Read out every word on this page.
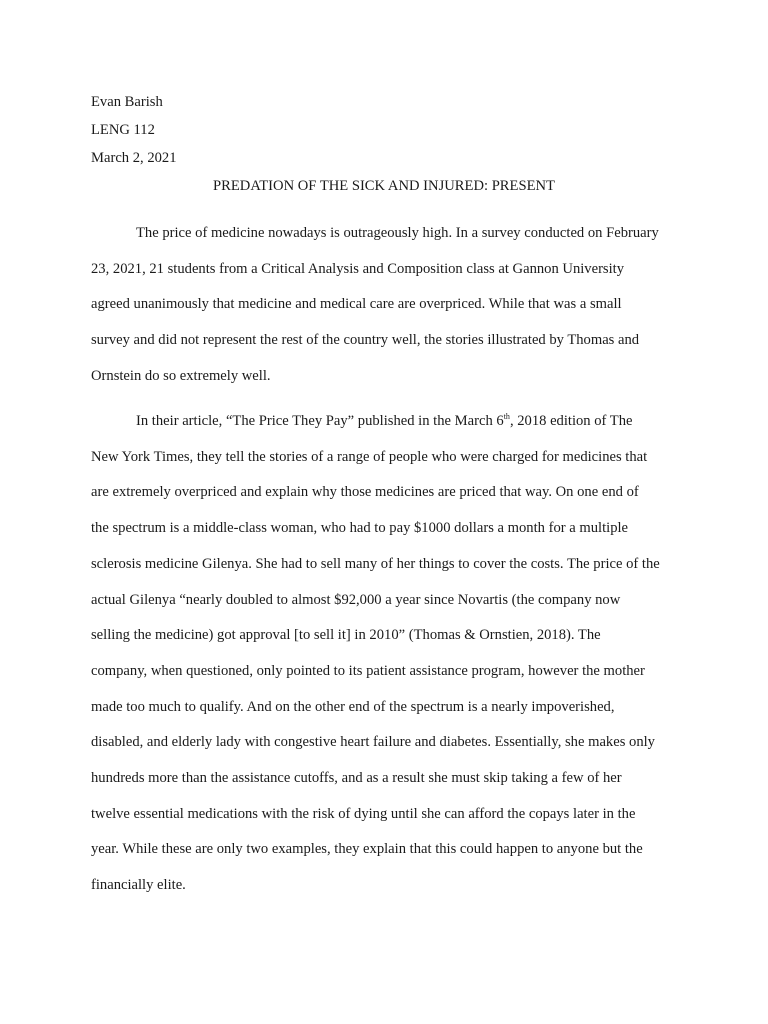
Evan Barish
LENG 112
March 2, 2021
PREDATION OF THE SICK AND INJURED: PRESENT
The price of medicine nowadays is outrageously high. In a survey conducted on February
23, 2021, 21 students from a Critical Analysis and Composition class at Gannon University
agreed unanimously that medicine and medical care are overpriced. While that was a small
survey and did not represent the rest of the country well, the stories illustrated by Thomas and
Ornstein do so extremely well.
In their article, “The Price They Pay” published in the March 6th, 2018 edition of The
New York Times, they tell the stories of a range of people who were charged for medicines that
are extremely overpriced and explain why those medicines are priced that way. On one end of
the spectrum is a middle-class woman, who had to pay $1000 dollars a month for a multiple
sclerosis medicine Gilenya. She had to sell many of her things to cover the costs. The price of the
actual Gilenya “nearly doubled to almost $92,000 a year since Novartis (the company now
selling the medicine) got approval [to sell it] in 2010” (Thomas & Ornstien, 2018). The
company, when questioned, only pointed to its patient assistance program, however the mother
made too much to qualify. And on the other end of the spectrum is a nearly impoverished,
disabled, and elderly lady with congestive heart failure and diabetes. Essentially, she makes only
hundreds more than the assistance cutoffs, and as a result she must skip taking a few of her
twelve essential medications with the risk of dying until she can afford the copays later in the
year. While these are only two examples, they explain that this could happen to anyone but the
financially elite.
